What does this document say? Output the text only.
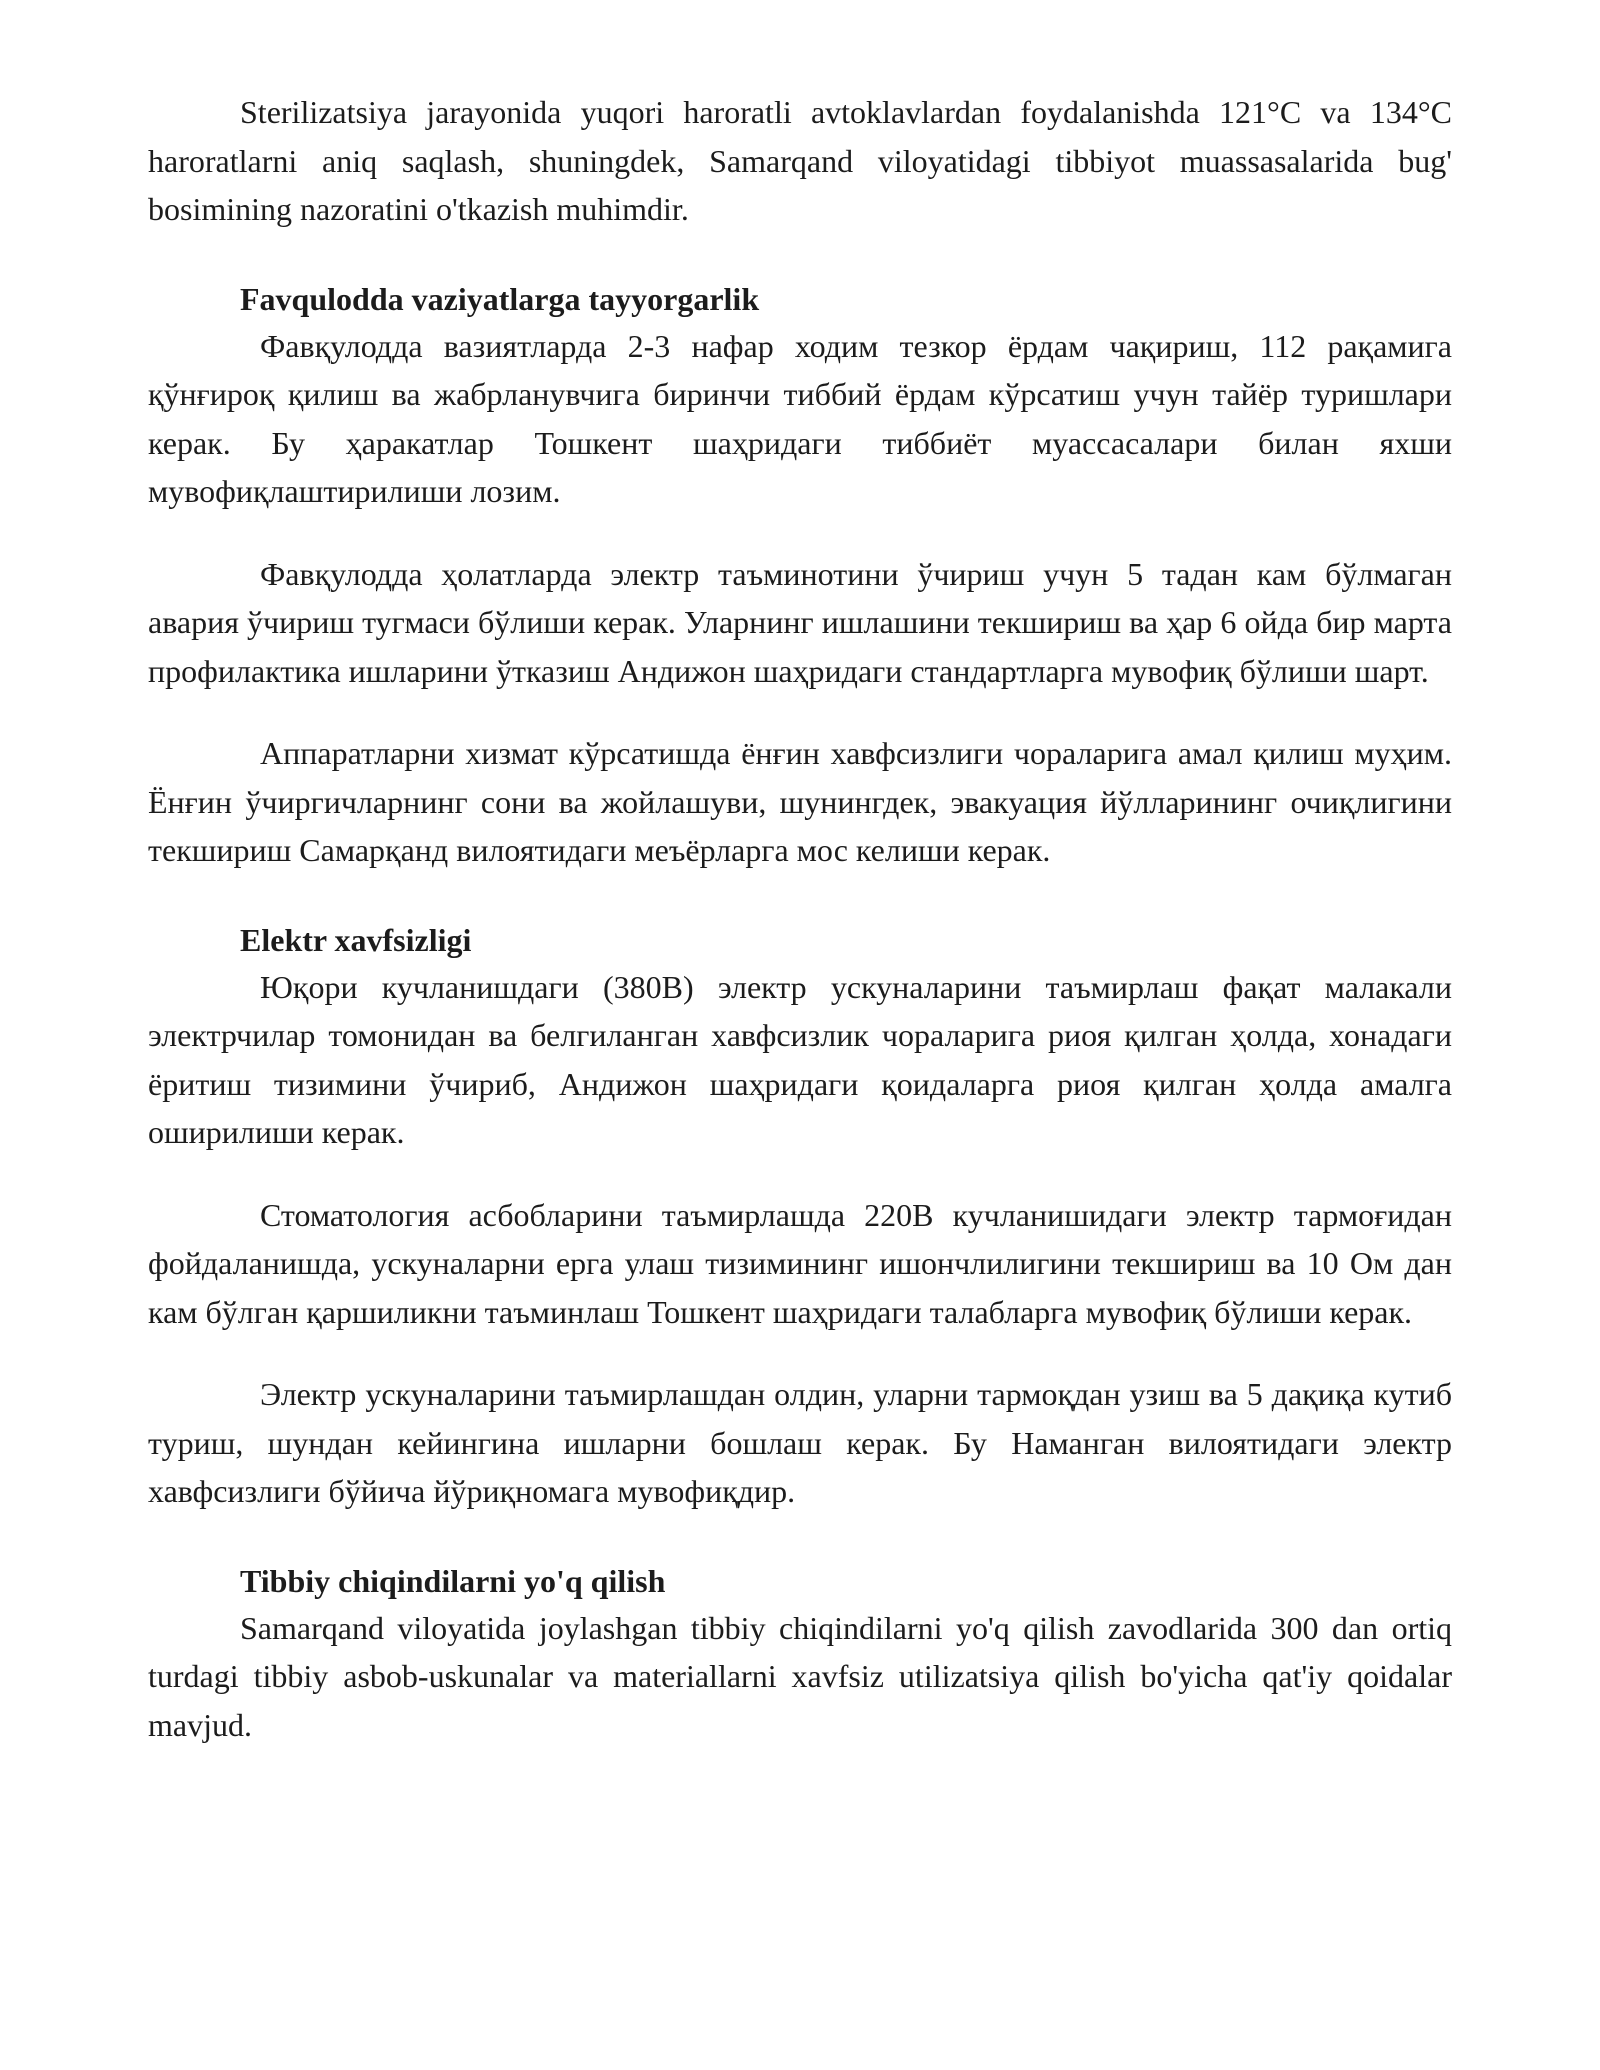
Sterilizatsiya jarayonida yuqori haroratli avtoklavlardan foydalanishda 121°C va 134°C haroratlarni aniq saqlash, shuningdek, Samarqand viloyatidagi tibbiyot muassasalarida bug' bosimining nazoratini o'tkazish muhimdir.

Favqulodda vaziyatlarga tayyorgarlik

Фавқулодда вазиятларда 2-3 нафар ходим тезкор ёрдам чақириш, 112 рақамига қўнғироқ қилиш ва жабрланувчига биринчи тиббий ёрдам кўрсатиш учун тайёр туришлари керак. Бу ҳаракатлар Тошкент шаҳридаги тиббиёт муассасалари билан яхши мувофиқлаштирилиши лозим.

Фавқулодда ҳолатларда электр таъминотини ўчириш учун 5 тадан кам бўлмаган авария ўчириш тугмаси бўлиши керак. Уларнинг ишлашини текшириш ва ҳар 6 ойда бир марта профилактика ишларини ўтказиш Андижон шаҳридаги стандартларга мувофиқ бўлиши шарт.

Аппаратларни хизмат кўрсатишда ёнғин хавфсизлиги чораларига амал қилиш муҳим. Ёнғин ўчиргичларнинг сони ва жойлашуви, шунингдек, эвакуация йўлларининг очиқлигини текшириш Самарқанд вилоятидаги меъёрларга мос келиши керак.

Elektr xavfsizligi

Юқори кучланишдаги (380В) электр ускуналарини таъмирлаш фақат малакали электрчилар томонидан ва белгиланган хавфсизлик чораларига риоя қилган ҳолда, хонадаги ёритиш тизимини ўчириб, Андижон шаҳридаги қоидаларга риоя қилган ҳолда амалга оширилиши керак.

Стоматология асбобларини таъмирлашда 220В кучланишидаги электр тармоғидан фойдаланишда, ускуналарни ерга улаш тизимининг ишончлилигини текшириш ва 10 Ом дан кам бўлган қаршиликни таъминлаш Тошкент шаҳридаги талабларга мувофиқ бўлиши керак.

Электр ускуналарини таъмирлашдан олдин, уларни тармоқдан узиш ва 5 дақиқа кутиб туриш, шундан кейингина ишларни бошлаш керак. Бу Наманган вилоятидаги электр хавфсизлиги бўйича йўриқномага мувофиқдир.

Tibbiy chiqindilarni yo'q qilish

Samarqand viloyatida joylashgan tibbiy chiqindilarni yo'q qilish zavodlarida 300 dan ortiq turdagi tibbiy asbob-uskunalar va materiallarni xavfsiz utilizatsiya qilish bo'yicha qat'iy qoidalar mavjud.
